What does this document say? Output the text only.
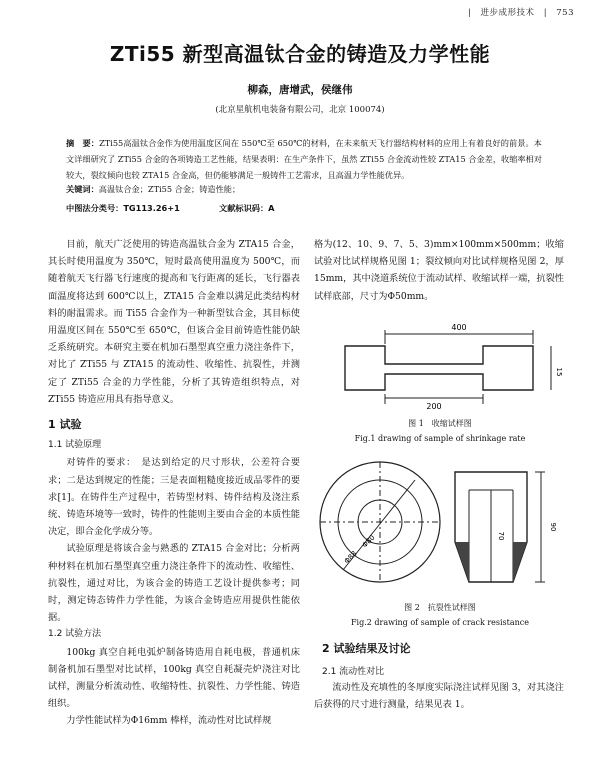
| 进步成形技术 | 753
ZTi55 新型高温钛合金的铸造及力学性能
柳森，唐增武，侯继伟
(北京星航机电装备有限公司，北京 100074)
摘　要：ZTi55高温钛合金作为使用温度区间在 550℃至 650℃的材料，在未来航天飞行器结构材料的应用上有着良好的前景。本文详细研究了 ZTi55 合金的各项铸造工艺性能，结果表明：在生产条件下，虽然 ZTi55 合金流动性较 ZTA15 合金差，收缩率相对较大，裂纹倾向也较 ZTA15 合金高，但仍能够满足一般铸件工艺需求，且高温力学性能优异。
关键词：高温钛合金；ZTi55 合金；铸造性能；
中图法分类号：TG113.26+1	文献标识码：A

目前，航天广泛使用的铸造高温钛合金为 ZTA15 合金，其长时使用温度为 350℃，短时最高使用温度为 500℃，而随着航天飞行器飞行速度的提高和飞行距离的延长，飞行器表面温度将达到 600℃以上，ZTA15 合金难以满足此类结构材料的耐温需求。而 Ti55 合金作为一种新型钛合金，其目标使用温度区间在 550℃至 650℃，但该合金目前铸造性能仍缺乏系统研究。本研究主要在机加石墨型真空重力浇注条件下，对比了 ZTi55 与 ZTA15 的流动性、收缩性、抗裂性，并测定了 ZTi55 合金的力学性能，分析了其铸造组织特点，对 ZTi55 铸造应用具有指导意义。

1 试验
1.1 试验原理

对铸件的要求：　是达到给定的尺寸形状，公差符合要求；二是达到规定的性能；三是表面粗糙度接近成品零件的要求[1]。在铸件生产过程中，若铸型材料、铸件结构及浇注系统、铸造环境等一致时，铸件的性能则主要由合金的本质性能决定，即合金化学成分等。

试验原理是将该合金与熟悉的 ZTA15 合金对比；分析两种材料在机加石墨型真空重力浇注条件下的流动性、收缩性、抗裂性，通过对比，为该合金的铸造工艺设计提供参考；同时，测定铸态铸件力学性能，为该合金铸造应用提供性能依据。

1.2 试验方法

100kg 真空自耗电弧炉制备铸造用自耗电极，普通机床制备机加石墨型对比试样，100kg 真空自耗凝壳炉浇注对比试样，测量分析流动性、收缩特性、抗裂性、力学性能、铸造组织。

力学性能试样为Φ16mm 棒样，流动性对比试样规

格为(12、10、9、7、5、3)mm×100mm×500mm；收缩试验对比试样规格见图 1；裂纹倾向对比试样规格见图 2，厚 15mm，其中浇道系统位于流动试样、收缩试样一端，抗裂性试样底部，尺寸为Φ50mm。

400
200
15
图 1　收缩试样图
Fig.1 drawing of sample of shrinkage rate
Φ88
Φ80	70
90
图 2　抗裂性试样图
Fig.2 drawing of sample of crack resistance
2 试验结果及讨论
2.1 流动性对比

流动性及充填性的冬厚度实际浇注试样见图 3，对其浇注后获得的尺寸进行测量，结果见表 1。
